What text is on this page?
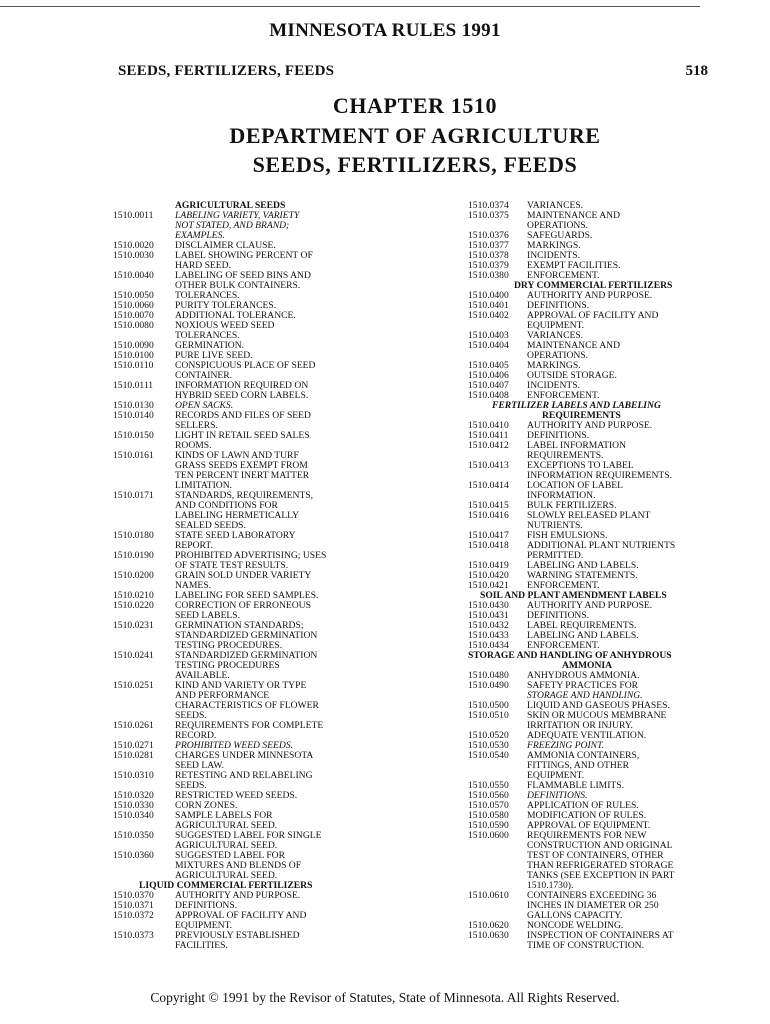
MINNESOTA RULES 1991
SEEDS, FERTILIZERS, FEEDS	518
CHAPTER 1510
DEPARTMENT OF AGRICULTURE
SEEDS, FERTILIZERS, FEEDS
AGRICULTURAL SEEDS
1510.0011	LABELING VARIETY, VARIETY
NOT STATED, AND BRAND;
EXAMPLES.
1510.0020	DISCLAIMER CLAUSE.
1510.0030	LABEL SHOWING PERCENT OF
HARD SEED.
1510.0040	LABELING OF SEED BINS AND
OTHER BULK CONTAINERS.
1510.0050	TOLERANCES.
1510.0060	PURITY TOLERANCES.
1510.0070	ADDITIONAL TOLERANCE.
1510.0080	NOXIOUS WEED SEED
TOLERANCES.
1510.0090	GERMINATION.
1510.0100	PURE LIVE SEED.
1510.0110	CONSPICUOUS PLACE OF SEED
CONTAINER.
1510.0111	INFORMATION REQUIRED ON
HYBRID SEED CORN LABELS.
1510.0130	OPEN SACKS.
1510.0140	RECORDS AND FILES OF SEED
SELLERS.
1510.0150	LIGHT IN RETAIL SEED SALES
ROOMS.
1510.0161	KINDS OF LAWN AND TURF
GRASS SEEDS EXEMPT FROM
TEN PERCENT INERT MATTER
LIMITATION.
1510.0171	STANDARDS, REQUIREMENTS,
AND CONDITIONS FOR
LABELING HERMETICALLY
SEALED SEEDS.
1510.0180	STATE SEED LABORATORY
REPORT.
1510.0190	PROHIBITED ADVERTISING; USES
OF STATE TEST RESULTS.
1510.0200	GRAIN SOLD UNDER VARIETY
NAMES.
1510.0210	LABELING FOR SEED SAMPLES.
1510.0220	CORRECTION OF ERRONEOUS
SEED LABELS.
1510.0231	GERMINATION STANDARDS;
STANDARDIZED GERMINATION
TESTING PROCEDURES.
1510.0241	STANDARDIZED GERMINATION
TESTING PROCEDURES
AVAILABLE.
1510.0251	KIND AND VARIETY OR TYPE
AND PERFORMANCE
CHARACTERISTICS OF FLOWER
SEEDS.
1510.0261	REQUIREMENTS FOR COMPLETE
RECORD.
1510.0271	PROHIBITED WEED SEEDS.
1510.0281	CHARGES UNDER MINNESOTA
SEED LAW.
1510.0310	RETESTING AND RELABELING
SEEDS.
1510.0320	RESTRICTED WEED SEEDS.
1510.0330	CORN ZONES.
1510.0340	SAMPLE LABELS FOR
AGRICULTURAL SEED.
1510.0350	SUGGESTED LABEL FOR SINGLE
AGRICULTURAL SEED.
1510.0360	SUGGESTED LABEL FOR
MIXTURES AND BLENDS OF
AGRICULTURAL SEED.
LIQUID COMMERCIAL FERTILIZERS
1510.0370	AUTHORITY AND PURPOSE.
1510.0371	DEFINITIONS.
1510.0372	APPROVAL OF FACILITY AND
EQUIPMENT.
1510.0373	PREVIOUSLY ESTABLISHED
FACILITIES.
1510.0374	VARIANCES.
1510.0375	MAINTENANCE AND
OPERATIONS.
1510.0376	SAFEGUARDS.
1510.0377	MARKINGS.
1510.0378	INCIDENTS.
1510.0379	EXEMPT FACILITIES.
1510.0380	ENFORCEMENT.
DRY COMMERCIAL FERTILIZERS
1510.0400	AUTHORITY AND PURPOSE.
1510.0401	DEFINITIONS.
1510.0402	APPROVAL OF FACILITY AND
EQUIPMENT.
1510.0403	VARIANCES.
1510.0404	MAINTENANCE AND
OPERATIONS.
1510.0405	MARKINGS.
1510.0406	OUTSIDE STORAGE.
1510.0407	INCIDENTS.
1510.0408	ENFORCEMENT.
FERTILIZER LABELS AND LABELING
REQUIREMENTS
1510.0410	AUTHORITY AND PURPOSE.
1510.0411	DEFINITIONS.
1510.0412	LABEL INFORMATION
REQUIREMENTS.
1510.0413	EXCEPTIONS TO LABEL
INFORMATION REQUIREMENTS.
1510.0414	LOCATION OF LABEL
INFORMATION.
1510.0415	BULK FERTILIZERS.
1510.0416	SLOWLY RELEASED PLANT
NUTRIENTS.
1510.0417	FISH EMULSIONS.
1510.0418	ADDITIONAL PLANT NUTRIENTS
PERMITTED.
1510.0419	LABELING AND LABELS.
1510.0420	WARNING STATEMENTS.
1510.0421	ENFORCEMENT.
SOIL AND PLANT AMENDMENT LABELS
1510.0430	AUTHORITY AND PURPOSE.
1510.0431	DEFINITIONS.
1510.0432	LABEL REQUIREMENTS.
1510.0433	LABELING AND LABELS.
1510.0434	ENFORCEMENT.
STORAGE AND HANDLING OF ANHYDROUS
AMMONIA
1510.0480	ANHYDROUS AMMONIA.
1510.0490	SAFETY PRACTICES FOR
STORAGE AND HANDLING.
1510.0500	LIQUID AND GASEOUS PHASES.
1510.0510	SKIN OR MUCOUS MEMBRANE
IRRITATION OR INJURY.
1510.0520	ADEQUATE VENTILATION.
1510.0530	FREEZING POINT.
1510.0540	AMMONIA CONTAINERS,
FITTINGS, AND OTHER
EQUIPMENT.
1510.0550	FLAMMABLE LIMITS.
1510.0560	DEFINITIONS.
1510.0570	APPLICATION OF RULES.
1510.0580	MODIFICATION OF RULES.
1510.0590	APPROVAL OF EQUIPMENT.
1510.0600	REQUIREMENTS FOR NEW
CONSTRUCTION AND ORIGINAL
TEST OF CONTAINERS, OTHER
THAN REFRIGERATED STORAGE
TANKS (SEE EXCEPTION IN PART
1510.1730).
1510.0610	CONTAINERS EXCEEDING 36
INCHES IN DIAMETER OR 250
GALLONS CAPACITY.
1510.0620	NONCODE WELDING.
1510.0630	INSPECTION OF CONTAINERS AT
TIME OF CONSTRUCTION.
Copyright © 1991 by the Revisor of Statutes, State of Minnesota. All Rights Reserved.
